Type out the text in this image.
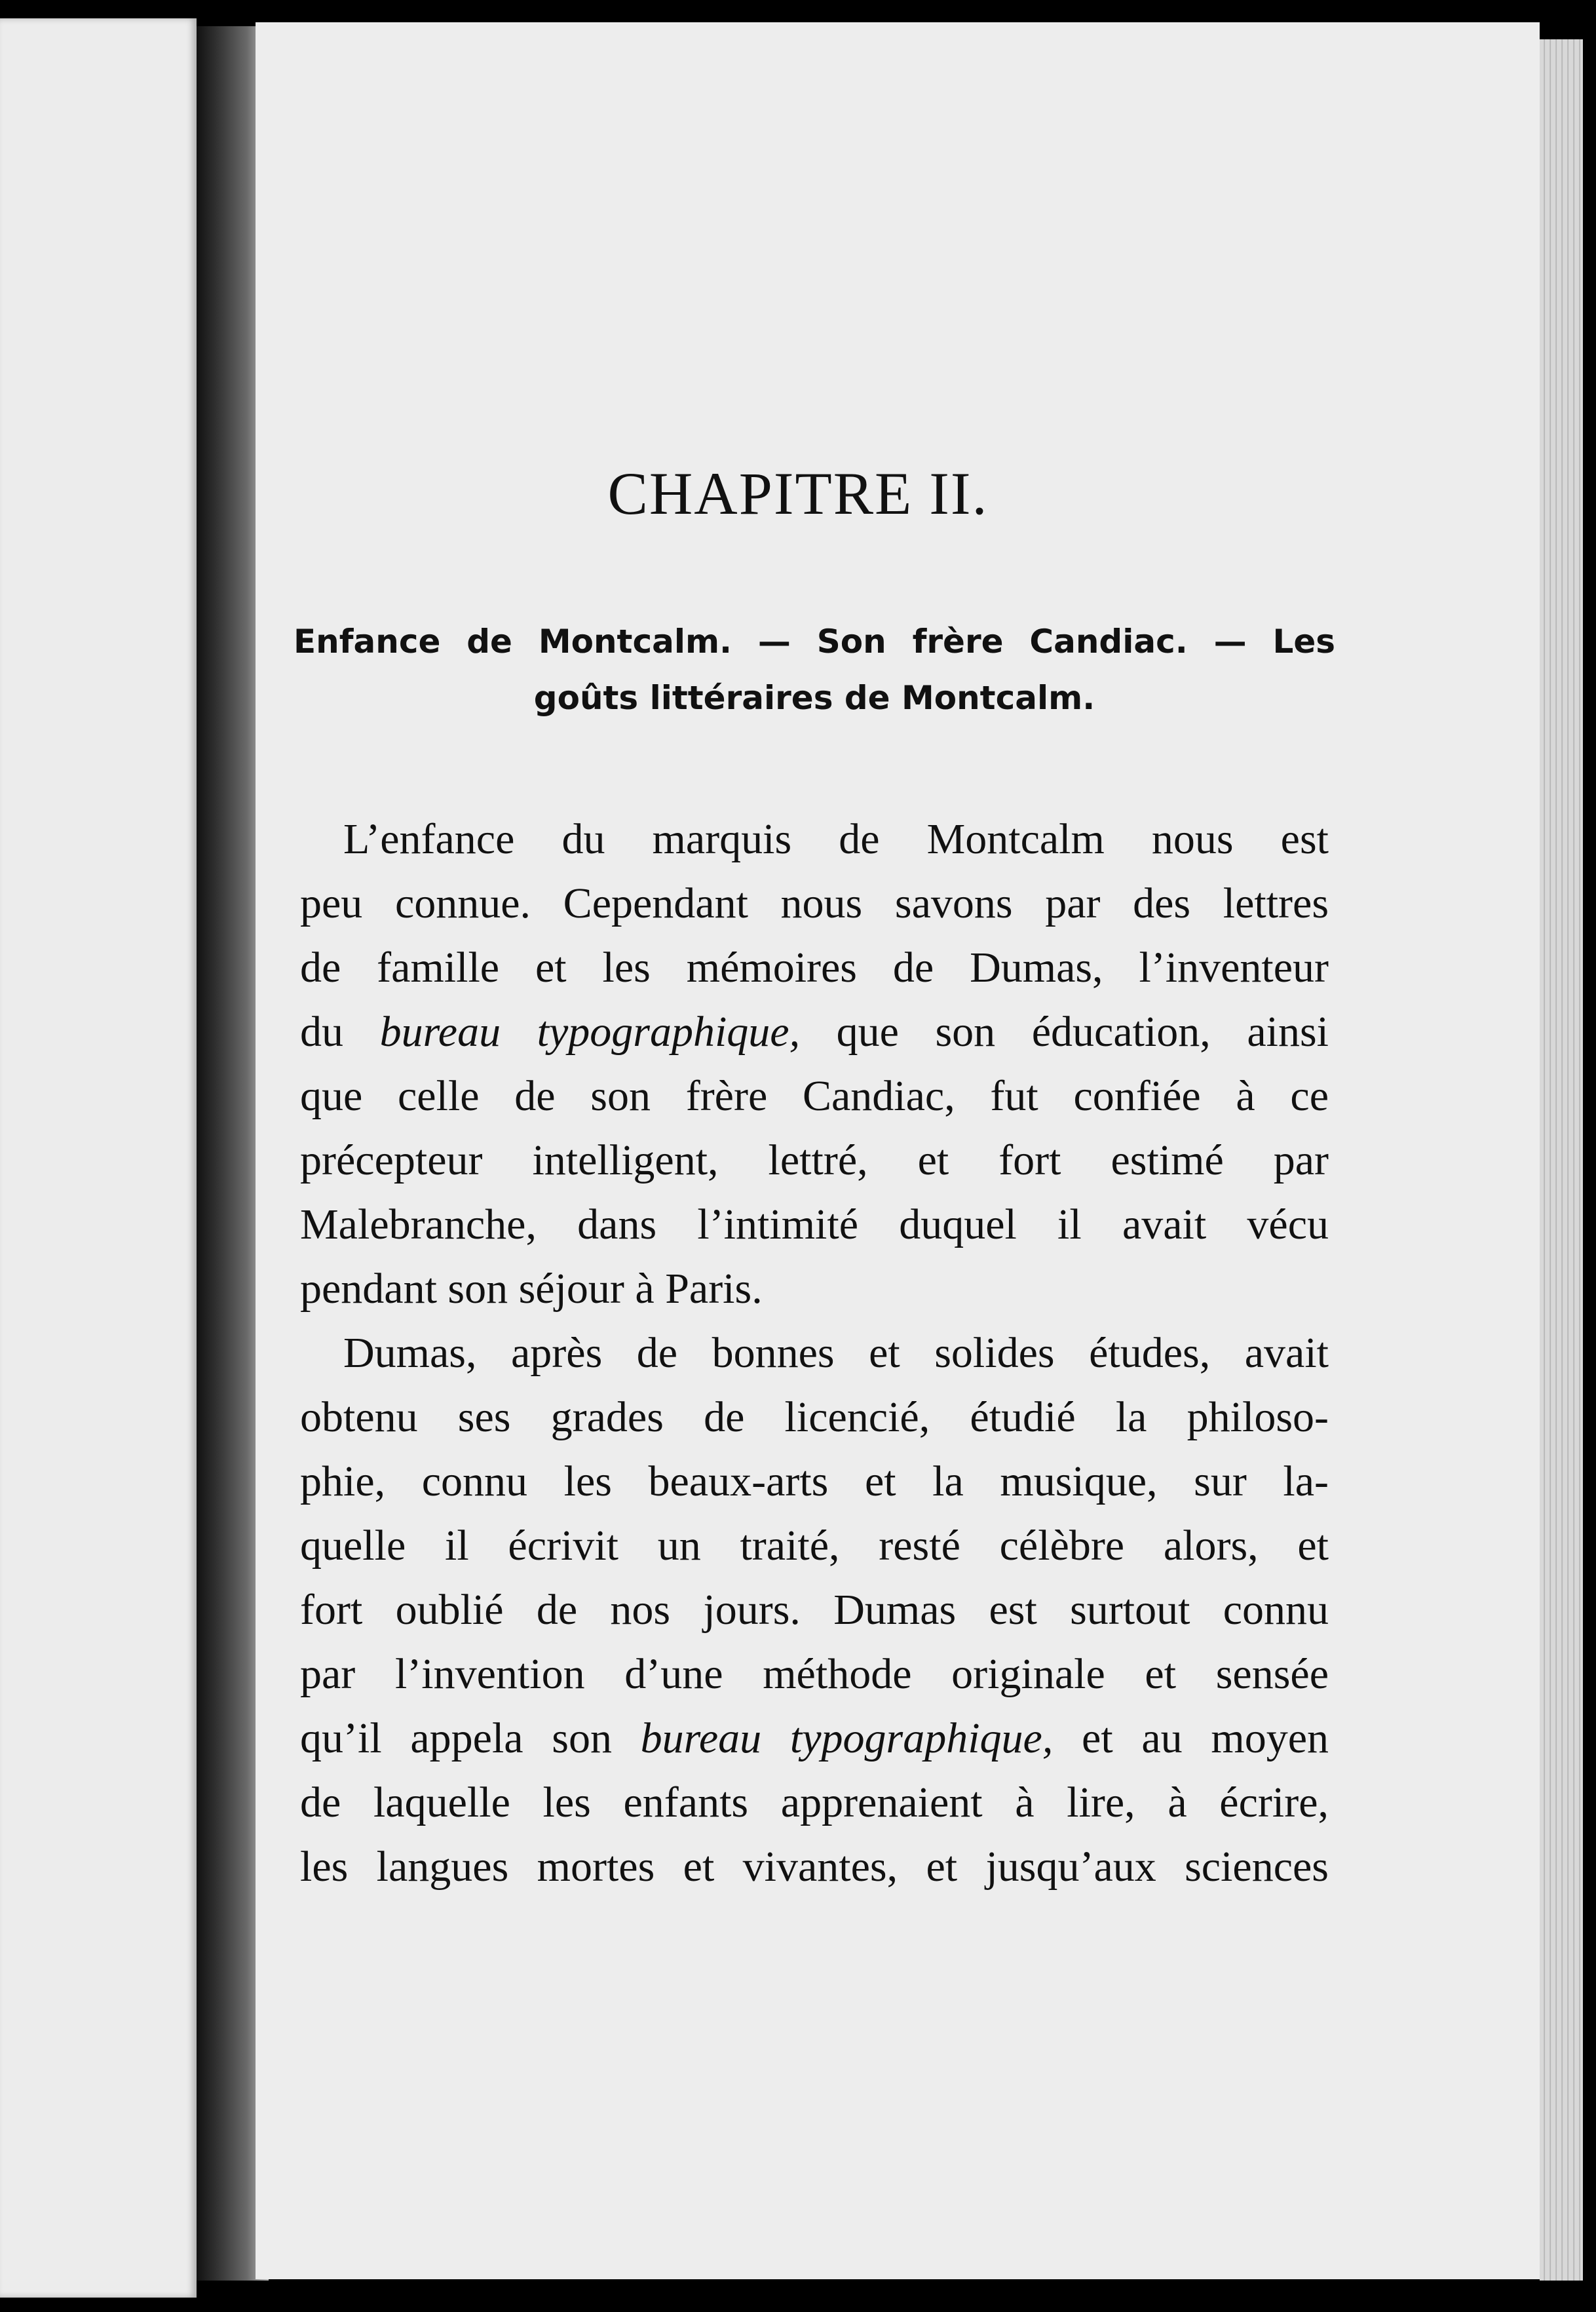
CHAPITRE II.
Enfance de Montcalm. — Son frère Candiac. — Les
goûts littéraires de Montcalm.
L’enfance du marquis de Montcalm nous est
peu connue. Cependant nous savons par des lettres
de famille et les mémoires de Dumas, l’inventeur
du bureau typographique, que son éducation, ainsi
que celle de son frère Candiac, fut confiée à ce
précepteur intelligent, lettré, et fort estimé par
Malebranche, dans l’intimité duquel il avait vécu
pendant son séjour à Paris.
Dumas, après de bonnes et solides études, avait
obtenu ses grades de licencié, étudié la philoso-
phie, connu les beaux-arts et la musique, sur la-
quelle il écrivit un traité, resté célèbre alors, et
fort oublié de nos jours. Dumas est surtout connu
par l’invention d’une méthode originale et sensée
qu’il appela son bureau typographique, et au moyen
de laquelle les enfants apprenaient à lire, à écrire,
les langues mortes et vivantes, et jusqu’aux sciences
